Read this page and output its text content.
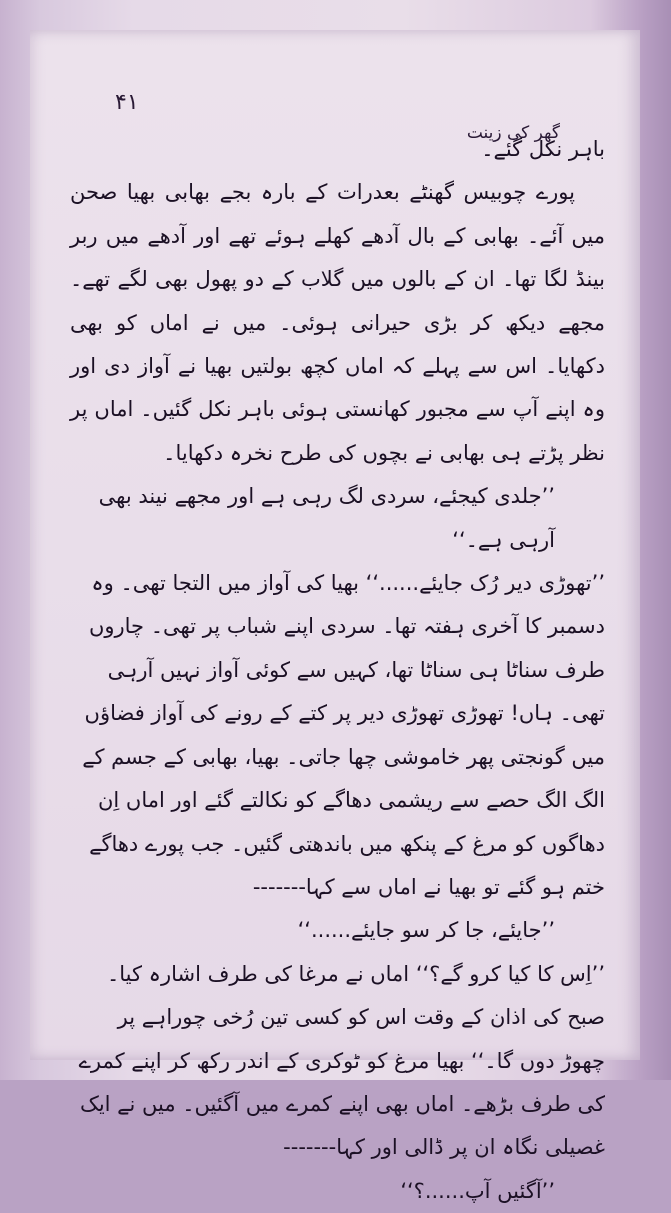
۴۱
گھر کی زینت

باہر نکل گئے۔

پورے چوبیس گھنٹے بعدرات کے بارہ بجے بھابی بھیا صحن میں آئے۔ بھابی کے بال آدھے کھلے ہوئے تھے اور آدھے میں ربر بینڈ لگا تھا۔ ان کے بالوں میں گلاب کے دو پھول بھی لگے تھے۔ مجھے دیکھ کر بڑی حیرانی ہوئی۔ میں نے اماں کو بھی دکھایا۔ اس سے پہلے کہ اماں کچھ بولتیں بھیا نے آواز دی اور وہ اپنے آپ سے مجبور کھانستی ہوئی باہر نکل گئیں۔ اماں پر نظر پڑتے ہی بھابی نے بچوں کی طرح نخرہ دکھایا۔

’’جلدی کیجئے، سردی لگ رہی ہے اور مجھے نیند بھی آرہی ہے۔‘‘

’’تھوڑی دیر رُک جایئے......‘‘ بھیا کی آواز میں التجا تھی۔ وہ دسمبر کا آخری ہفتہ تھا۔ سردی اپنے شباب پر تھی۔ چاروں طرف سناٹا ہی سناٹا تھا، کہیں سے کوئی آواز نہیں آرہی تھی۔ ہاں! تھوڑی تھوڑی دیر پر کتے کے رونے کی آواز فضاؤں میں گونجتی پھر خاموشی چھا جاتی۔ بھیا، بھابی کے جسم کے الگ الگ حصے سے ریشمی دھاگے کو نکالتے گئے اور اماں اِن دھاگوں کو مرغ کے پنکھ میں باندھتی گئیں۔ جب پورے دھاگے ختم ہو گئے تو بھیا نے اماں سے کہا-------

’’جایئے، جا کر سو جایئے......‘‘

’’اِس کا کیا کرو گے؟‘‘ اماں نے مرغا کی طرف اشارہ کیا۔ صبح کی اذان کے وقت اس کو کسی تین رُخی چوراہے پر چھوڑ دوں گا۔‘‘ بھیا مرغ کو ٹوکری کے اندر رکھ کر اپنے کمرے کی طرف بڑھے۔ اماں بھی اپنے کمرے میں آگئیں۔ میں نے ایک غصیلی نگاہ ان پر ڈالی اور کہا-------

’’آگئیں آپ......؟‘‘
